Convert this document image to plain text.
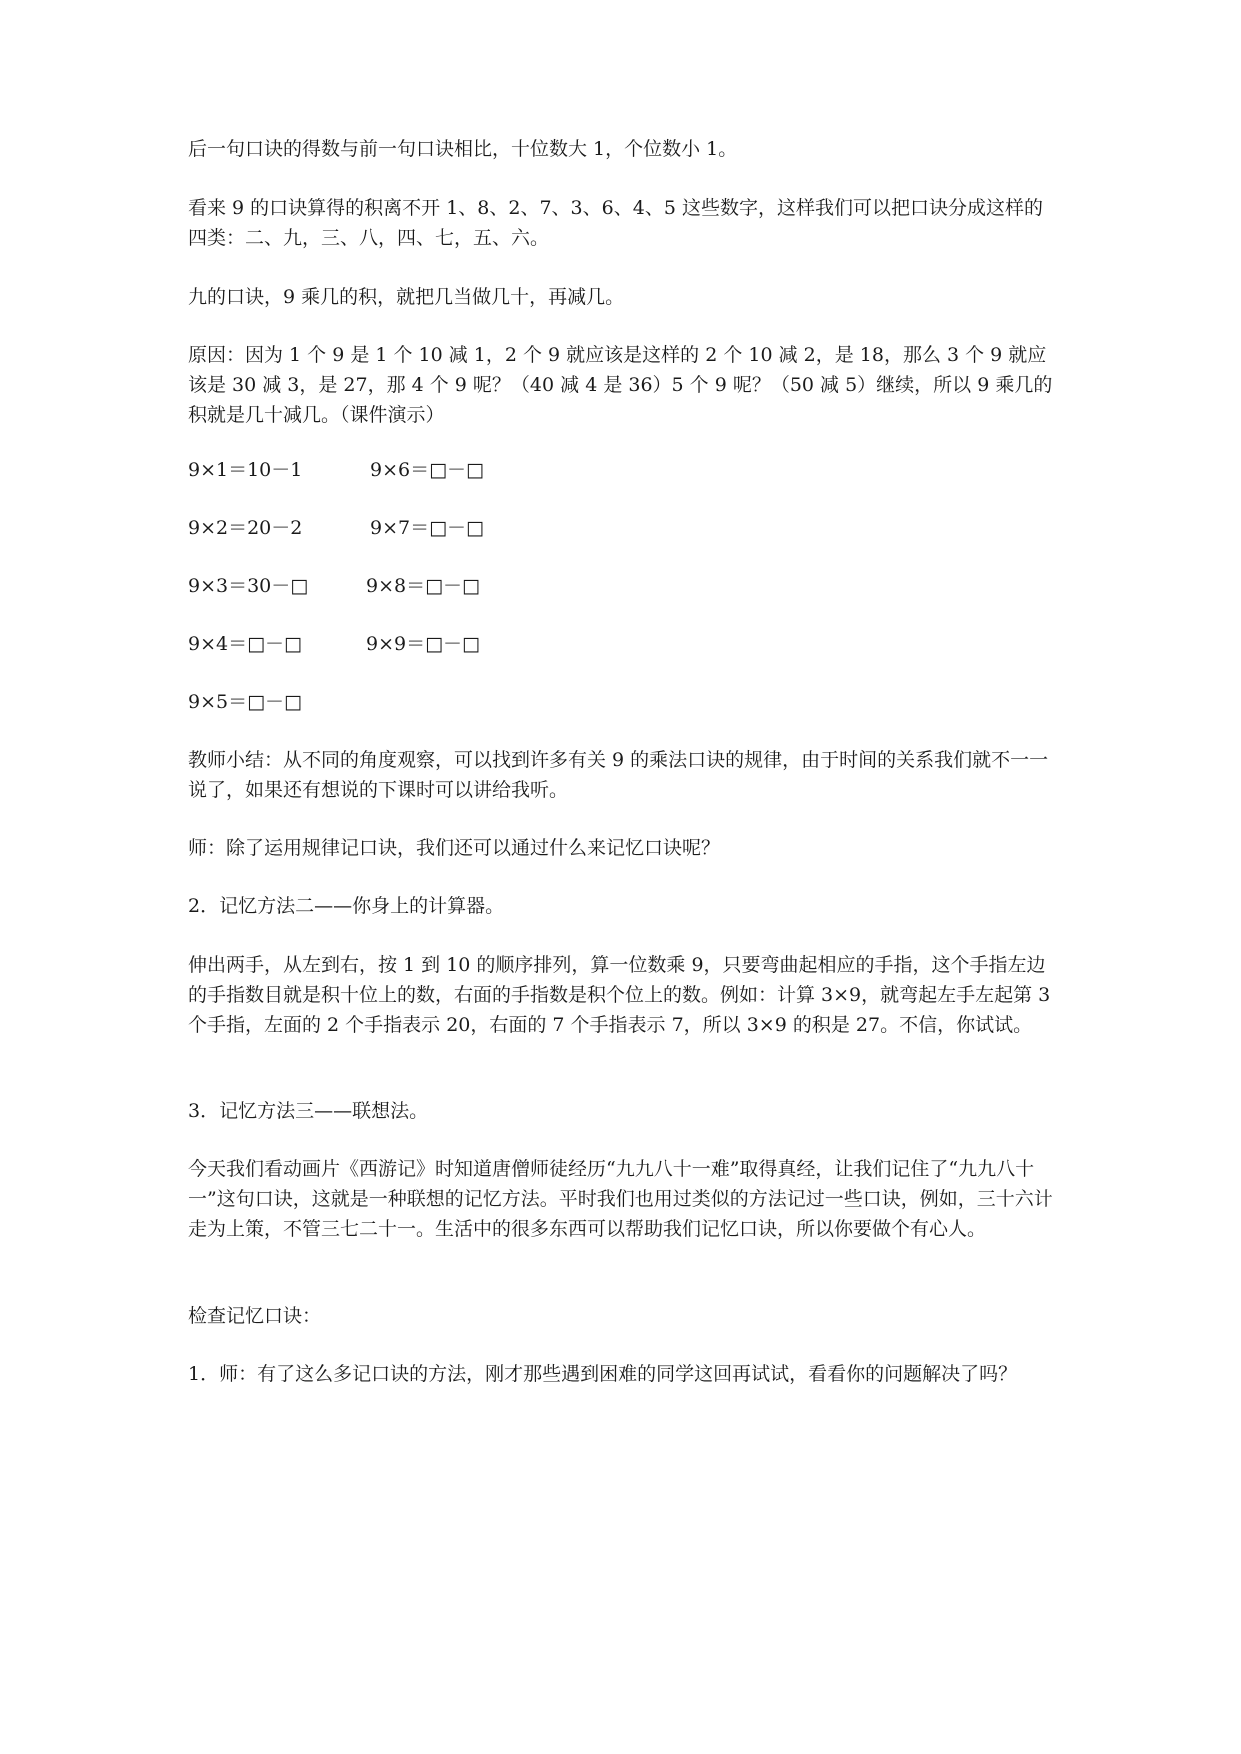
后一句口诀的得数与前一句口诀相比，十位数大 1，个位数小 1。

看来 9 的口诀算得的积离不开 1、8、2、7、3、6、4、5 这些数字，这样我们可以把口诀分成这样的四类：二、九，三、八，四、七，五、六。

九的口诀，9 乘几的积，就把几当做几十，再减几。

原因：因为 1 个 9 是 1 个 10 减 1，2 个 9 就应该是这样的 2 个 10 减 2，是 18，那么 3 个 9 就应该是 30 减 3，是 27，那 4 个 9 呢？（40 减 4 是 36）5 个 9 呢？（50 减 5）继续，所以 9 乘几的积就是几十减几。（课件演示）

9×1＝10－1	9×6＝□－□
9×2＝20－2	9×7＝□－□
9×3＝30－□	9×8＝□－□
9×4＝□－□	9×9＝□－□
9×5＝□－□

教师小结：从不同的角度观察，可以找到许多有关 9 的乘法口诀的规律，由于时间的关系我们就不一一说了，如果还有想说的下课时可以讲给我听。

师：除了运用规律记口诀，我们还可以通过什么来记忆口诀呢？

2．记忆方法二——你身上的计算器。

伸出两手，从左到右，按 1 到 10 的顺序排列，算一位数乘 9，只要弯曲起相应的手指，这个手指左边的手指数目就是积十位上的数，右面的手指数是积个位上的数。例如：计算 3×9，就弯起左手左起第 3 个手指，左面的 2 个手指表示 20，右面的 7 个手指表示 7，所以 3×9 的积是 27。不信，你试试。

3．记忆方法三——联想法。

今天我们看动画片《西游记》时知道唐僧师徒经历“九九八十一难”取得真经，让我们记住了“九九八十一”这句口诀，这就是一种联想的记忆方法。平时我们也用过类似的方法记过一些口诀，例如，三十六计走为上策，不管三七二十一。生活中的很多东西可以帮助我们记忆口诀，所以你要做个有心人。

检查记忆口诀：

1．师：有了这么多记口诀的方法，刚才那些遇到困难的同学这回再试试，看看你的问题解决了吗？
